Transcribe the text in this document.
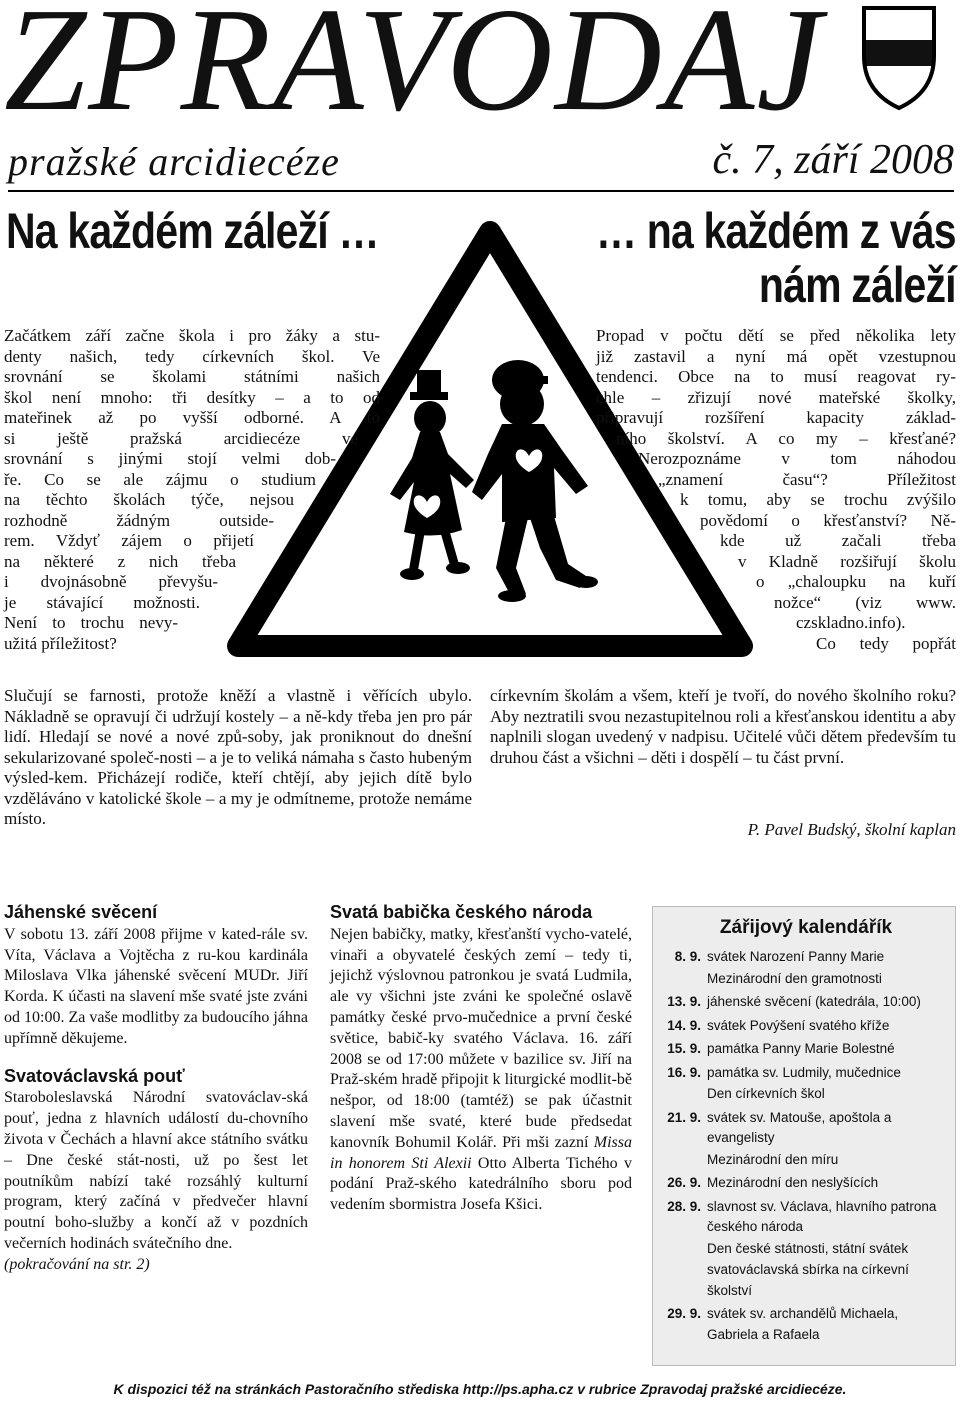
ZPRAVODAJ
pražské arcidiecéze	č. 7, září 2008
Na každém záleží …	… na každém z vás
nám záleží

Začátkem září začne škola i pro žáky a stu-
denty našich, tedy církevních škol. Ve
srovnání se školami státními našich
škol není mnoho: tři desítky – a to od
mateřinek až po vyšší odborné. A to
si ještě pražská arcidiecéze ve
srovnání s jinými stojí velmi dob-
ře. Co se ale zájmu o studium
na těchto školách týče, nejsou
rozhodně žádným outside-
rem. Vždyť zájem o přijetí
na některé z nich třeba
i dvojnásobně převyšu-
je stávající možnosti.
Není to trochu nevy-
užitá příležitost?

Propad v počtu dětí se před několika lety
již zastavil a nyní má opět vzestupnou
tendenci. Obce na to musí reagovat ry-
chle – zřizují nové mateřské školky,
připravují rozšíření kapacity základ-
ního školství. A co my – křesťané?
Nerozpoznáme v tom náhodou
„znamení času“? Příležitost
k tomu, aby se trochu zvýšilo
povědomí o křesťanství? Ně-
kde už začali třeba
v Kladně rozšiřují školu
o „chaloupku na kuří
nožce“ (viz www.
czskladno.info).
Co tedy popřát
Slučují se farnosti, protože kněží a vlastně i věřících ubylo. Nákladně se opravují či udržují kostely – a ně-kdy třeba jen pro pár lidí. Hledají se nové a nové způ-soby, jak proniknout do dnešní sekularizované společ-nosti – a je to veliká námaha s často hubeným výsled-kem. Přicházejí rodiče, kteří chtějí, aby jejich dítě bylo vzděláváno v katolické škole – a my je odmítneme, protože nemáme místo.
církevním školám a všem, kteří je tvoří, do nového školního roku? Aby neztratili svou nezastupitelnou roli a křesťanskou identitu a aby naplnili slogan uvedený v nadpisu. Učitelé vůči dětem především tu druhou část a všichni – děti i dospělí – tu část první.
P. Pavel Budský, školní kaplan
Jáhenské svěcení
V sobotu 13. září 2008 přijme v kated-rále sv. Víta, Václava a Vojtěcha z ru-kou kardinála Miloslava Vlka jáhenské svěcení MUDr. Jiří Korda. K účasti na slavení mše svaté jste zváni od 10:00. Za vaše modlitby za budoucího jáhna upřímně děkujeme.
Svatováclavská pouť
Staroboleslavská Národní svatováclav-ská pouť, jedna z hlavních událostí du-chovního života v Čechách a hlavní akce státního svátku – Dne české stát-nosti, už po šest let poutníkům nabízí také rozsáhlý kulturní program, který začíná v předvečer hlavní poutní boho-služby a končí až v pozdních večerních hodinách svátečního dne.
(pokračování na str. 2)
Svatá babička českého národa
Nejen babičky, matky, křesťanští vycho-vatelé, vinaři a obyvatelé českých zemí – tedy ti, jejichž výslovnou patronkou je svatá Ludmila, ale vy všichni jste zváni ke společné oslavě památky české prvo-mučednice a první české světice, babič-ky svatého Václava. 16. září 2008 se od 17:00 můžete v bazilice sv. Jiří na Praž-ském hradě připojit k liturgické modlit-bě nešpor, od 18:00 (tamtéž) se pak účastnit slavení mše svaté, které bude předsedat kanovník Bohumil Kolář. Při mši zazní Missa in honorem Sti Alexii Otto Alberta Tichého v podání Praž-ského katedrálního sboru pod vedením sbormistra Josefa Kšici.
Zářijový kalendářík
8. 9. svátek Narození Panny Marie
Mezinárodní den gramotnosti
13. 9. jáhenské svěcení (katedrála, 10:00)
14. 9. svátek Povýšení svatého kříže
15. 9. památka Panny Marie Bolestné
16. 9. památka sv. Ludmily, mučednice
Den církevních škol
21. 9. svátek sv. Matouše, apoštola a evangelisty
Mezinárodní den míru
26. 9. Mezinárodní den neslyšících
28. 9. slavnost sv. Václava, hlavního patrona českého národa
Den české státnosti, státní svátek
svatováclavská sbírka na církevní školství
29. 9. svátek sv. archandělů Michaela, Gabriela a Rafaela
K dispozici též na stránkách Pastoračního střediska http://ps.apha.cz v rubrice Zpravodaj pražské arcidiecéze.
